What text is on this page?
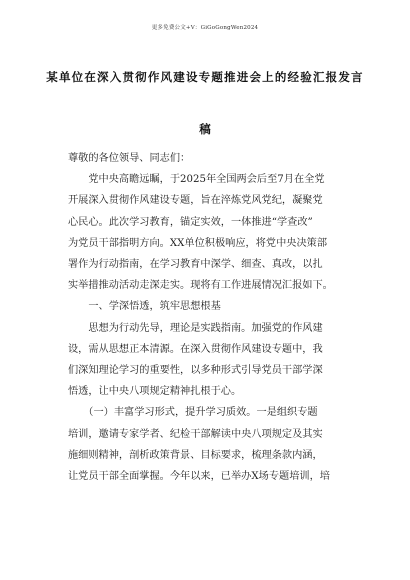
更多免费公文+V：GiGoGongWen2024
某单位在深入贯彻作风建设专题推进会上的经验汇报发言
稿

尊敬的各位领导、同志们：

　　党中央高瞻远瞩，于2025年全国两会后至7月在全党
开展深入贯彻作风建设专题，旨在淬炼党风党纪，凝聚党
心民心。此次学习教育，锚定实效，一体推进“学查改”
为党员干部指明方向。XX单位积极响应，将党中央决策部
署作为行动指南，在学习教育中深学、细查、真改，以扎
实举措推动活动走深走实。现将有工作进展情况汇报如下。
　　一、学深悟透，筑牢思想根基
　　思想为行动先导，理论是实践指南。加强党的作风建
设，需从思想正本清源。在深入贯彻作风建设专题中，我
们深知理论学习的重要性，以多种形式引导党员干部学深
悟透，让中央八项规定精神扎根于心。
　　（一）丰富学习形式，提升学习质效。一是组织专题
培训，邀请专家学者、纪检干部解读中央八项规定及其实
施细则精神，剖析政策背景、目标要求，梳理条款内涵，
让党员干部全面掌握。今年以来，已举办X场专题培训，培
